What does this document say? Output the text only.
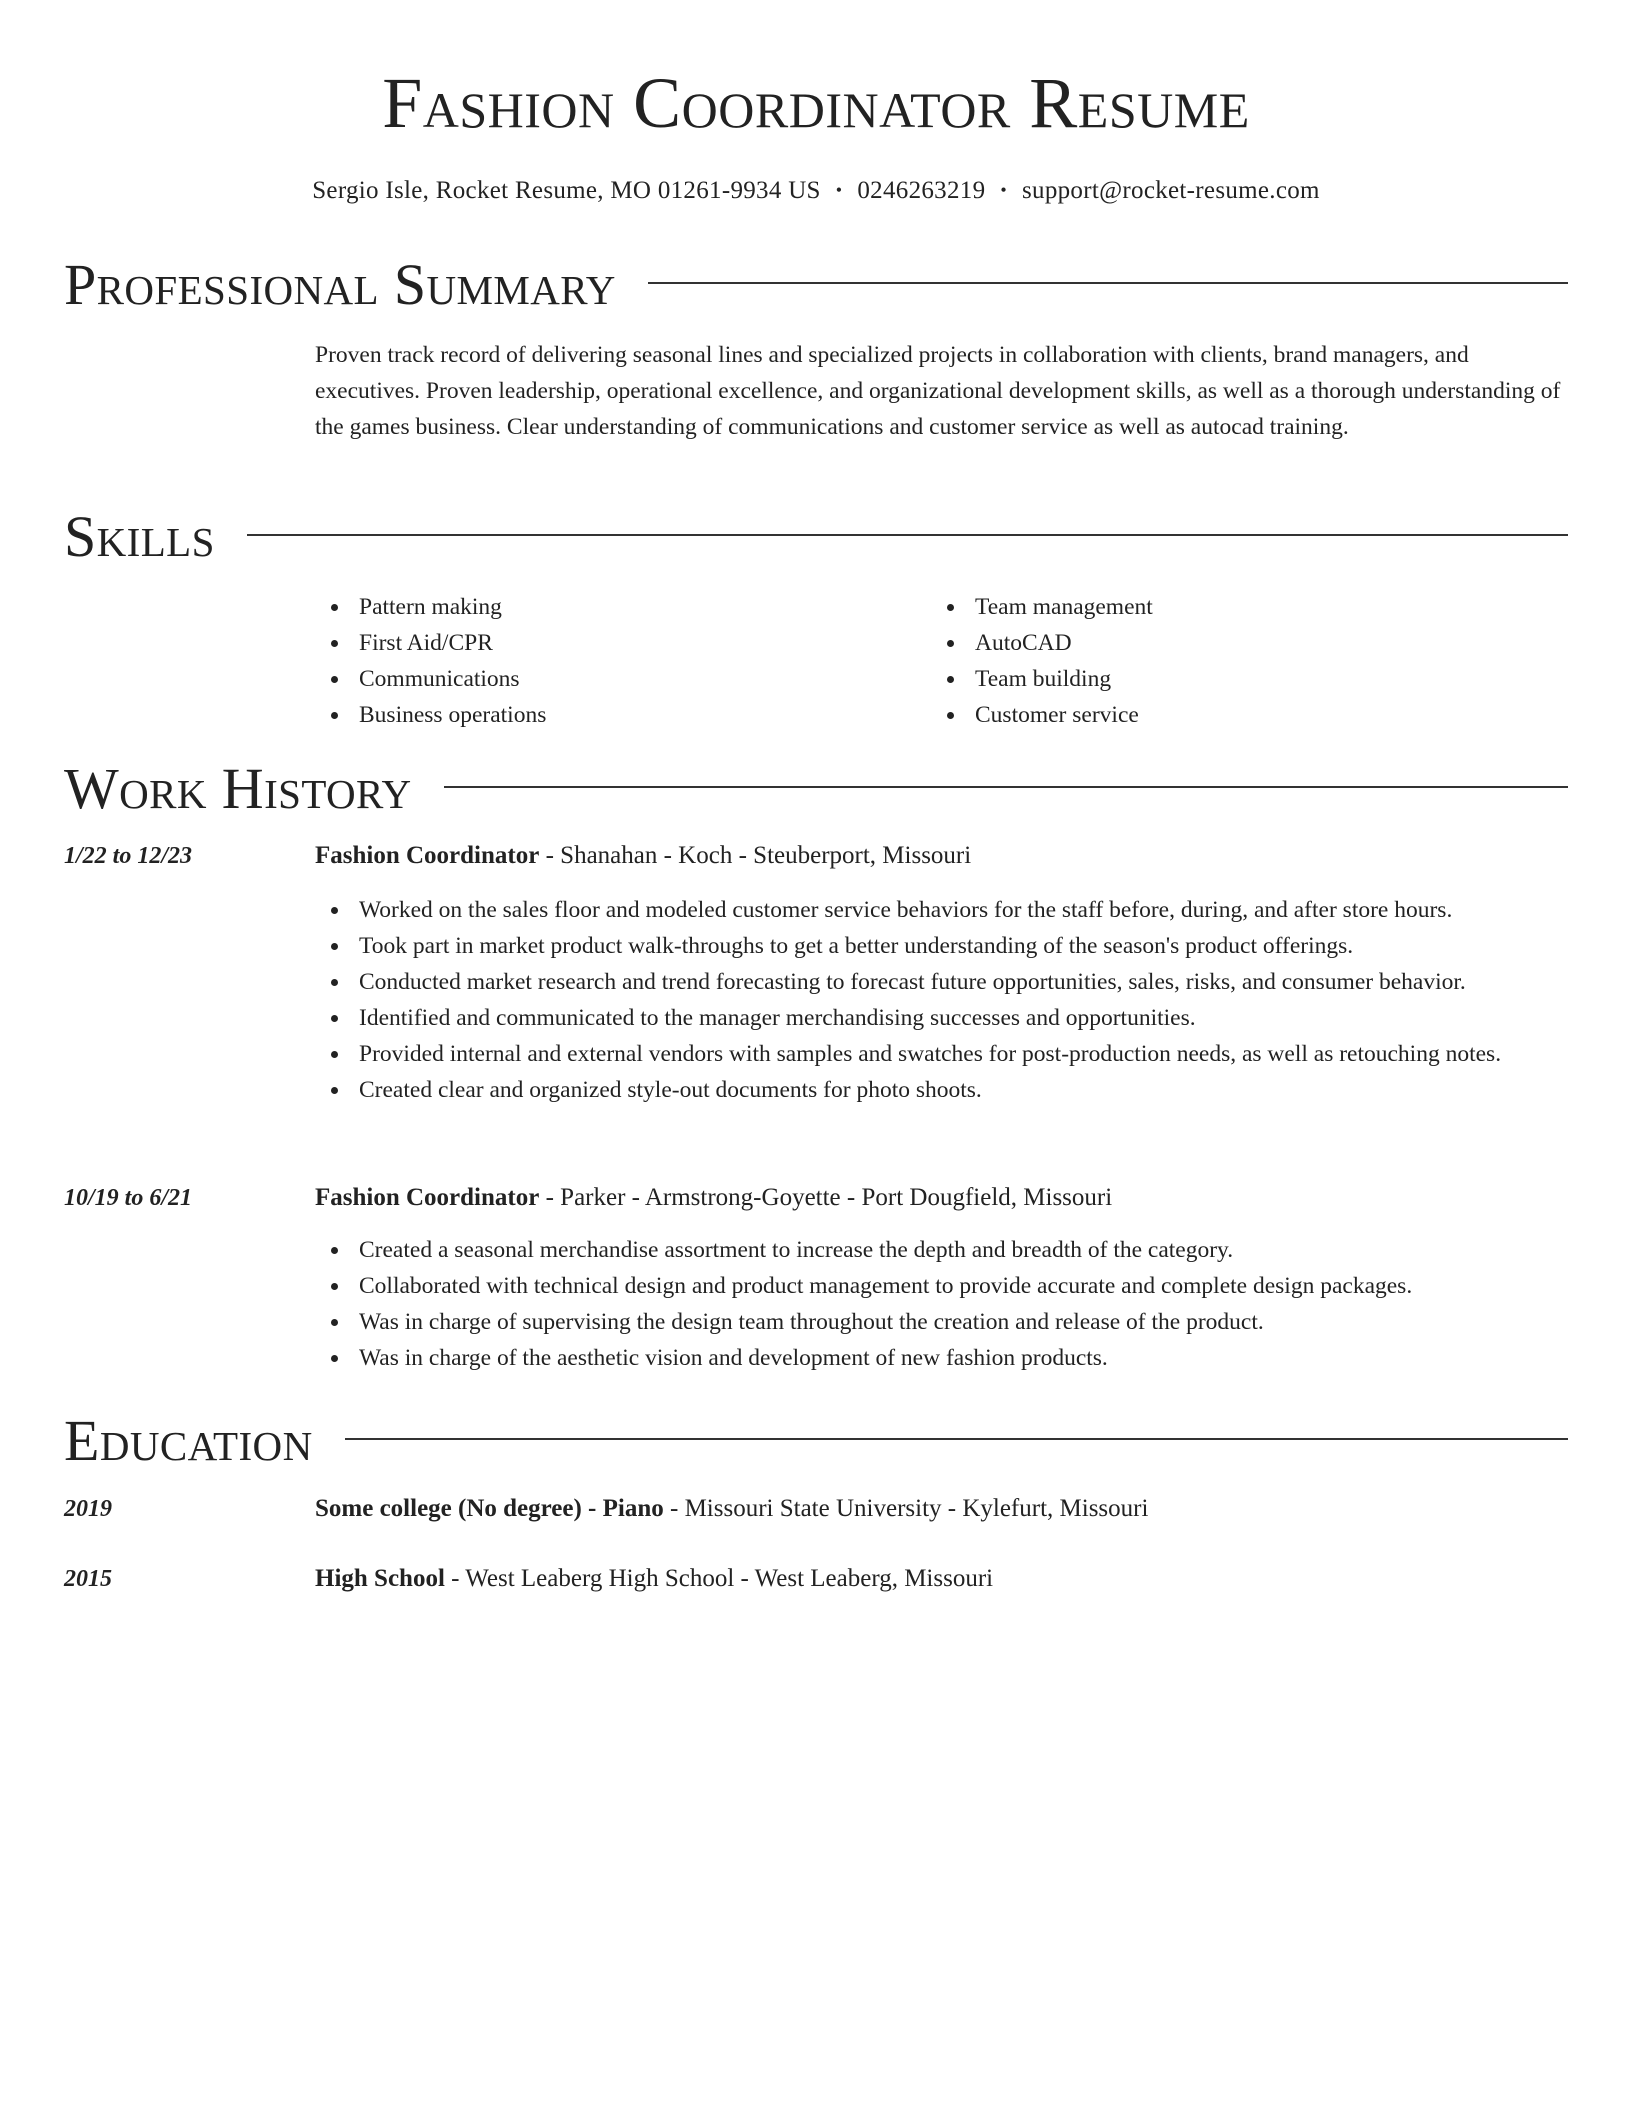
Fashion Coordinator Resume
Sergio Isle, Rocket Resume, MO 01261-9934 US • 0246263219 • support@rocket-resume.com
Professional Summary
Proven track record of delivering seasonal lines and specialized projects in collaboration with clients, brand managers, and executives. Proven leadership, operational excellence, and organizational development skills, as well as a thorough understanding of the games business. Clear understanding of communications and customer service as well as autocad training.
Skills
Pattern making
First Aid/CPR
Communications
Business operations
Team management
AutoCAD
Team building
Customer service
Work History
1/22 to 12/23	Fashion Coordinator - Shanahan - Koch - Steuberport, Missouri
Worked on the sales floor and modeled customer service behaviors for the staff before, during, and after store hours.
Took part in market product walk-throughs to get a better understanding of the season's product offerings.
Conducted market research and trend forecasting to forecast future opportunities, sales, risks, and consumer behavior.
Identified and communicated to the manager merchandising successes and opportunities.
Provided internal and external vendors with samples and swatches for post-production needs, as well as retouching notes.
Created clear and organized style-out documents for photo shoots.
10/19 to 6/21	Fashion Coordinator - Parker - Armstrong-Goyette - Port Dougfield, Missouri
Created a seasonal merchandise assortment to increase the depth and breadth of the category.
Collaborated with technical design and product management to provide accurate and complete design packages.
Was in charge of supervising the design team throughout the creation and release of the product.
Was in charge of the aesthetic vision and development of new fashion products.
Education
2019	Some college (No degree) - Piano - Missouri State University - Kylefurt, Missouri
2015	High School - West Leaberg High School - West Leaberg, Missouri
